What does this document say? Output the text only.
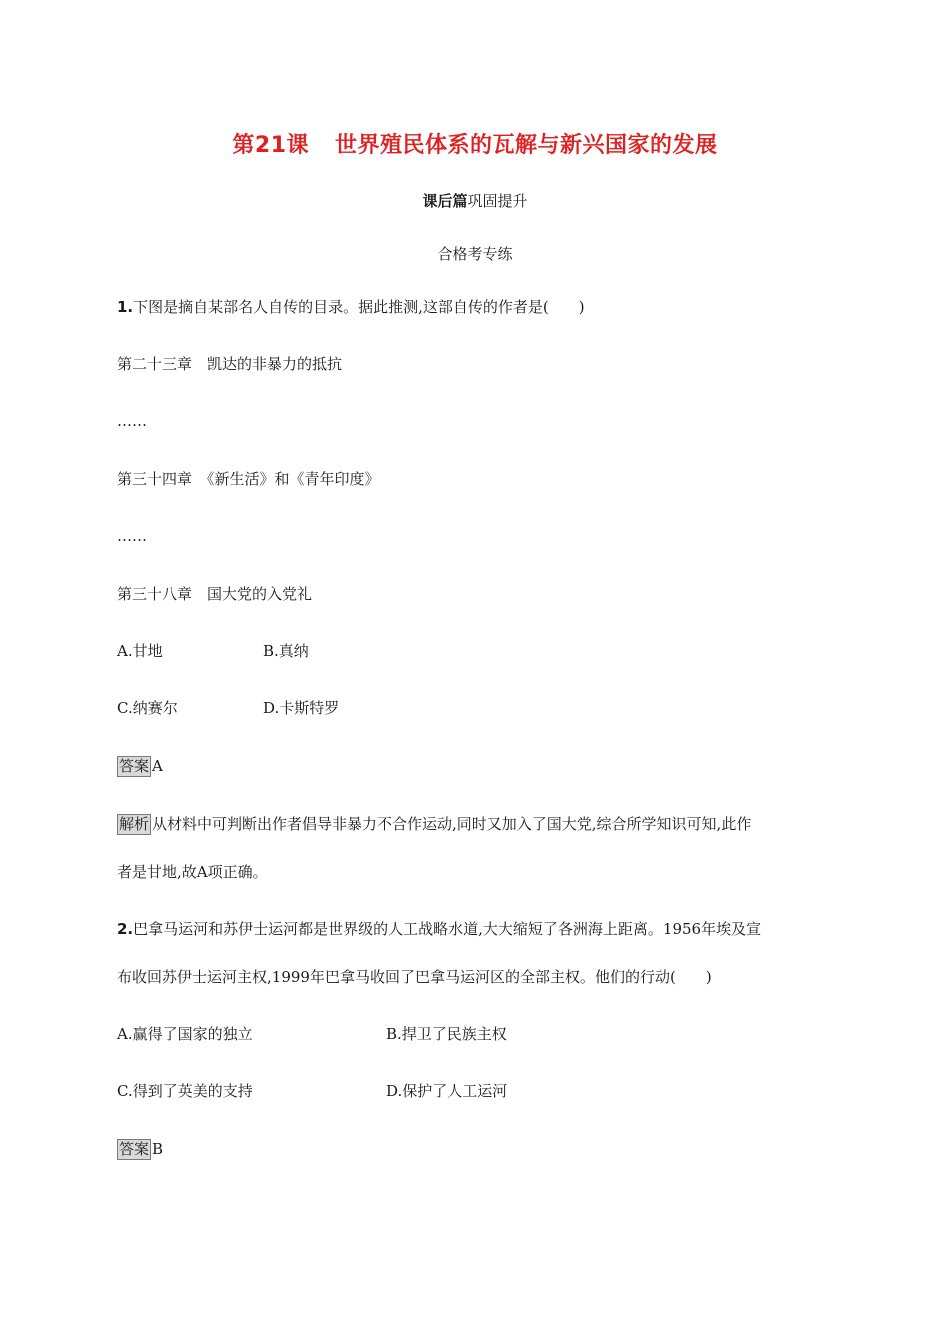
第21课 世界殖民体系的瓦解与新兴国家的发展
课后篇巩固提升
合格考专练
1.下图是摘自某部名人自传的目录。据此推测,这部自传的作者是( )
第二十三章　凯达的非暴力的抵抗
……
第三十四章　《新生活》和《青年印度》
……
第三十八章　国大党的入党礼
A.甘地	B.真纳
C.纳赛尔	D.卡斯特罗
答案 A
解析 从材料中可判断出作者倡导非暴力不合作运动,同时又加入了国大党,综合所学知识可知,此作
者是甘地,故A项正确。
2.巴拿马运河和苏伊士运河都是世界级的人工战略水道,大大缩短了各洲海上距离。1956年埃及宣
布收回苏伊士运河主权,1999年巴拿马收回了巴拿马运河区的全部主权。他们的行动( )
A.赢得了国家的独立	B.捍卫了民族主权
C.得到了英美的支持	D.保护了人工运河
答案 B
